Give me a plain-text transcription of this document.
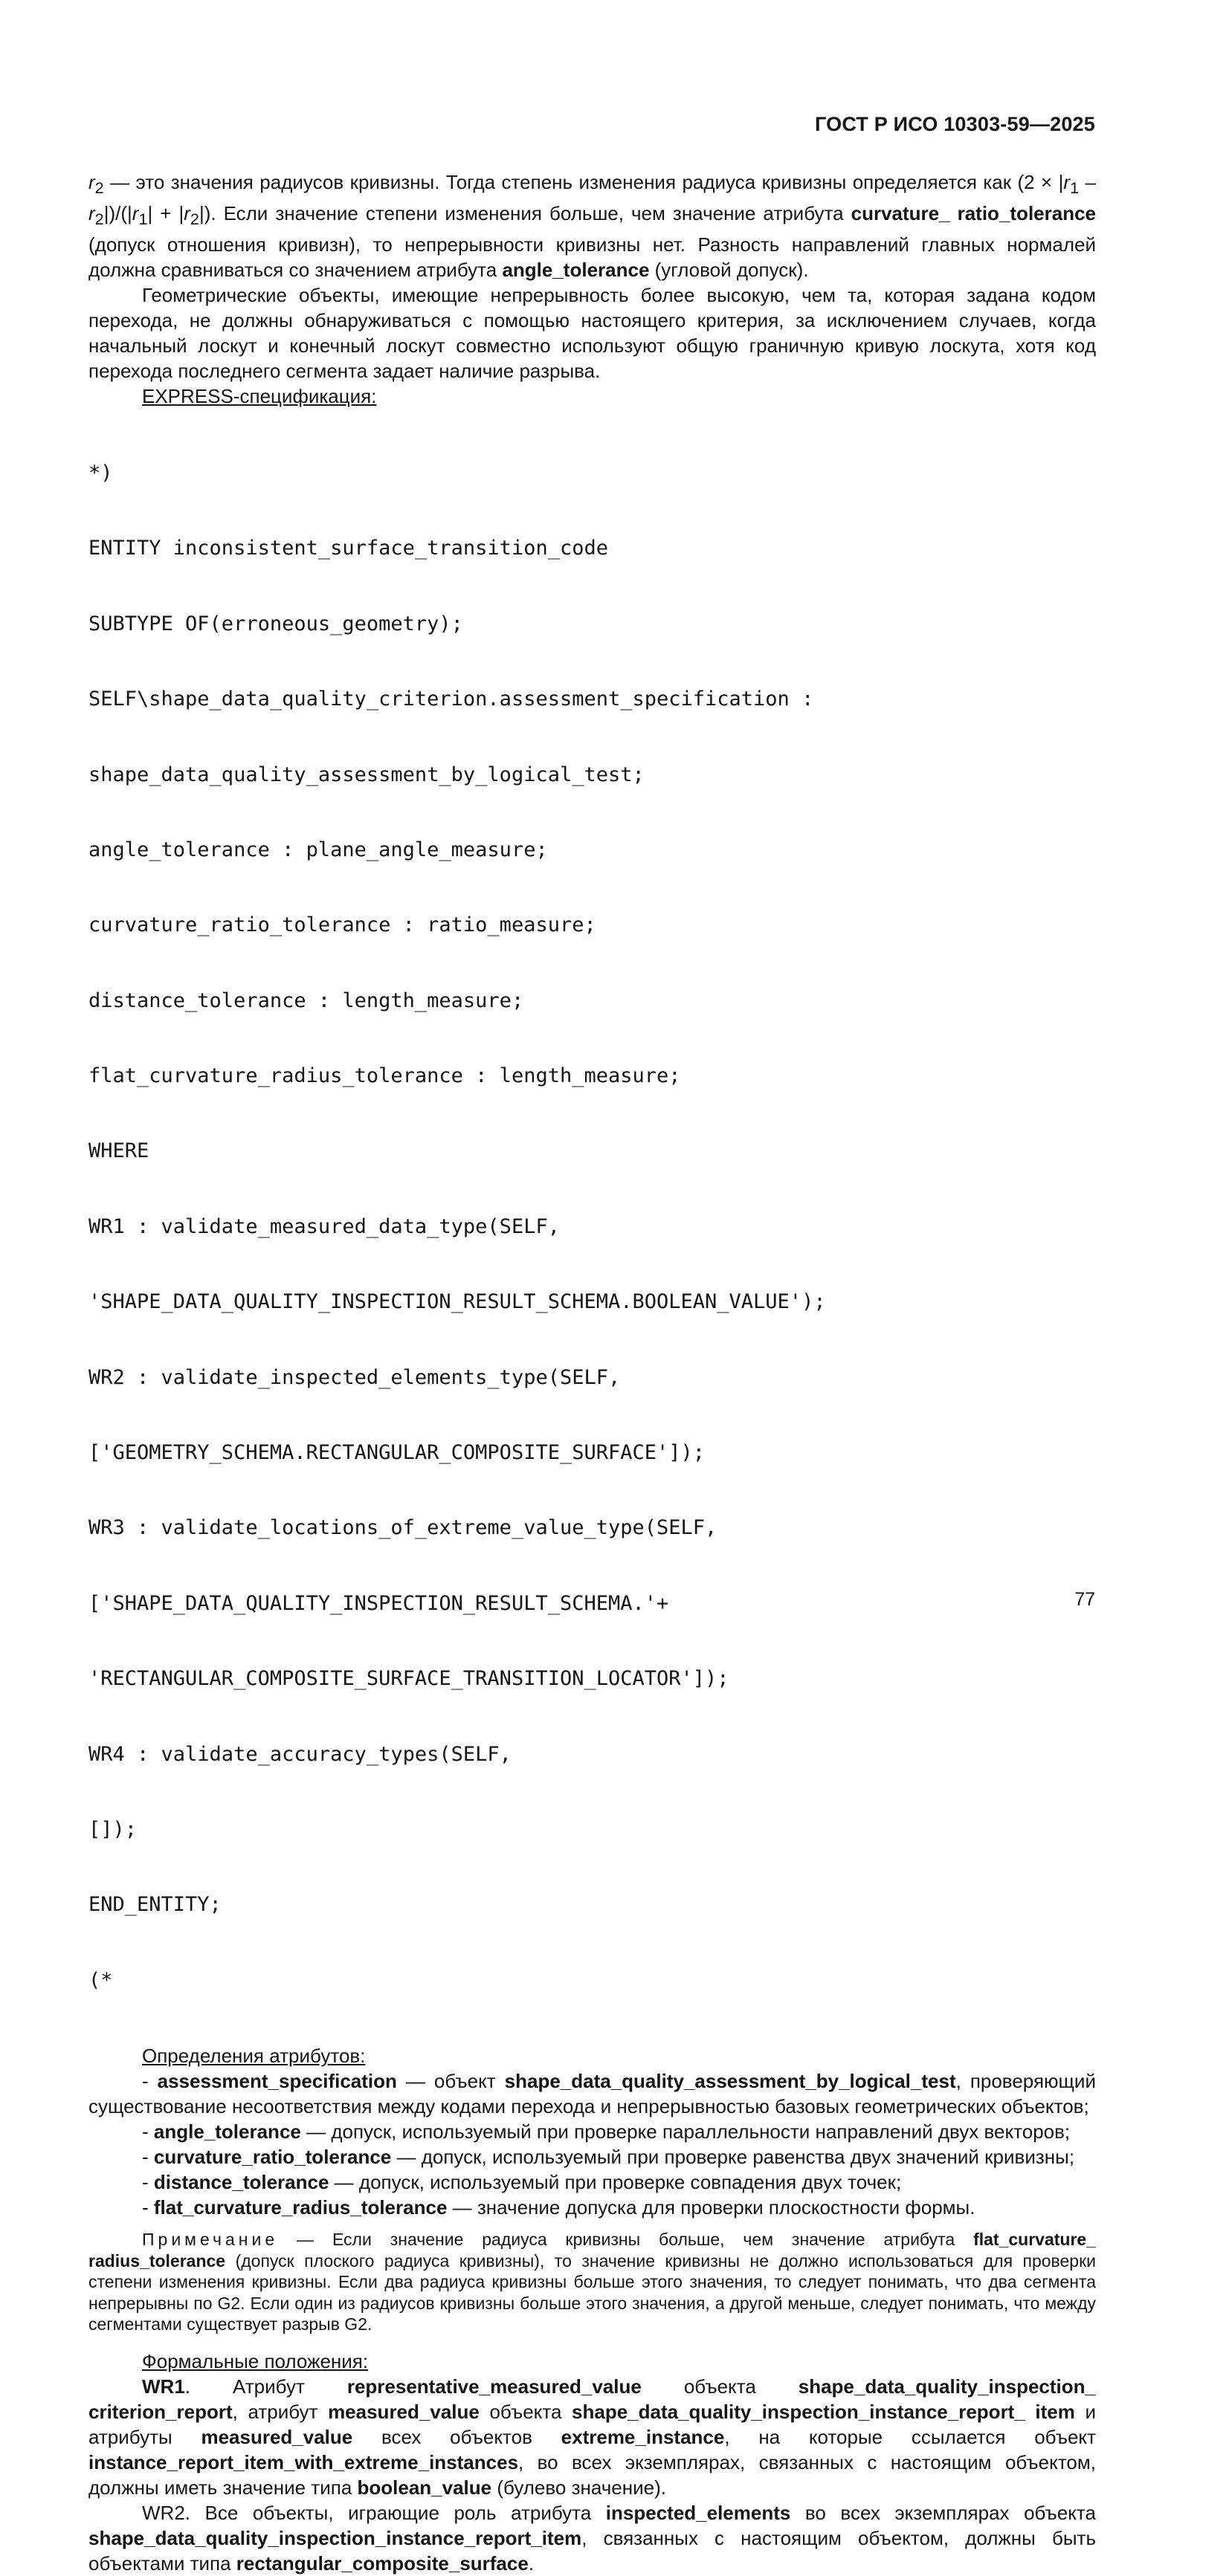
ГОСТ Р ИСО 10303-59—2025

$r_2$ — это значения радиусов кривизны. Тогда степень изменения радиуса кривизны определяется как $(2 \times |r_1 - r_2|)/(|r_1| + |r_2|)$. Если значение степени изменения больше, чем значение атрибута curvature_ ratio_tolerance (допуск отношения кривизн), то непрерывности кривизны нет. Разность направлений главных нормалей должна сравниваться со значением атрибута angle_tolerance (угловой допуск).

Геометрические объекты, имеющие непрерывность более высокую, чем та, которая задана кодом перехода, не должны обнаруживаться с помощью настоящего критерия, за исключением случаев, когда начальный лоскут и конечный лоскут совместно используют общую граничную кривую лоскута, хотя код перехода последнего сегмента задает наличие разрыва.

EXPRESS-спецификация:

*)

ENTITY inconsistent_surface_transition_code

SUBTYPE OF(erroneous_geometry);

SELF\shape_data_quality_criterion.assessment_specification :

shape_data_quality_assessment_by_logical_test;

angle_tolerance : plane_angle_measure;

curvature_ratio_tolerance : ratio_measure;

distance_tolerance : length_measure;

flat_curvature_radius_tolerance : length_measure;

WHERE

WR1 : validate_measured_data_type(SELF,

'SHAPE_DATA_QUALITY_INSPECTION_RESULT_SCHEMA.BOOLEAN_VALUE');

WR2 : validate_inspected_elements_type(SELF,

['GEOMETRY_SCHEMA.RECTANGULAR_COMPOSITE_SURFACE']);

WR3 : validate_locations_of_extreme_value_type(SELF,

['SHAPE_DATA_QUALITY_INSPECTION_RESULT_SCHEMA.'+

'RECTANGULAR_COMPOSITE_SURFACE_TRANSITION_LOCATOR']);

WR4 : validate_accuracy_types(SELF,

[]);

END_ENTITY;

(*

Определения атрибутов:

- assessment_specification — объект shape_data_quality_assessment_by_logical_test, проверяющий существование несоответствия между кодами перехода и непрерывностью базовых геометрических объектов;

- angle_tolerance — допуск, используемый при проверке параллельности направлений двух векторов;

- curvature_ratio_tolerance — допуск, используемый при проверке равенства двух значений кривизны;

- distance_tolerance — допуск, используемый при проверке совпадения двух точек;

- flat_curvature_radius_tolerance — значение допуска для проверки плоскостности формы.

Примечание — Если значение радиуса кривизны больше, чем значение атрибута flat_curvature_ radius_tolerance (допуск плоского радиуса кривизны), то значение кривизны не должно использоваться для проверки степени изменения кривизны. Если два радиуса кривизны больше этого значения, то следует понимать, что два сегмента непрерывны по G2. Если один из радиусов кривизны больше этого значения, а другой меньше, следует понимать, что между сегментами существует разрыв G2.

Формальные положения:

WR1. Атрибут representative_measured_value объекта shape_data_quality_inspection_ criterion_report, атрибут measured_value объекта shape_data_quality_inspection_instance_report_ item и атрибуты measured_value всех объектов extreme_instance, на которые ссылается объект instance_report_item_with_extreme_instances, во всех экземплярах, связанных с настоящим объектом, должны иметь значение типа boolean_value (булево значение).

WR2. Все объекты, играющие роль атрибута inspected_elements во всех экземплярах объекта shape_data_quality_inspection_instance_report_item, связанных с настоящим объектом, должны быть объектами типа rectangular_composite_surface.

77
